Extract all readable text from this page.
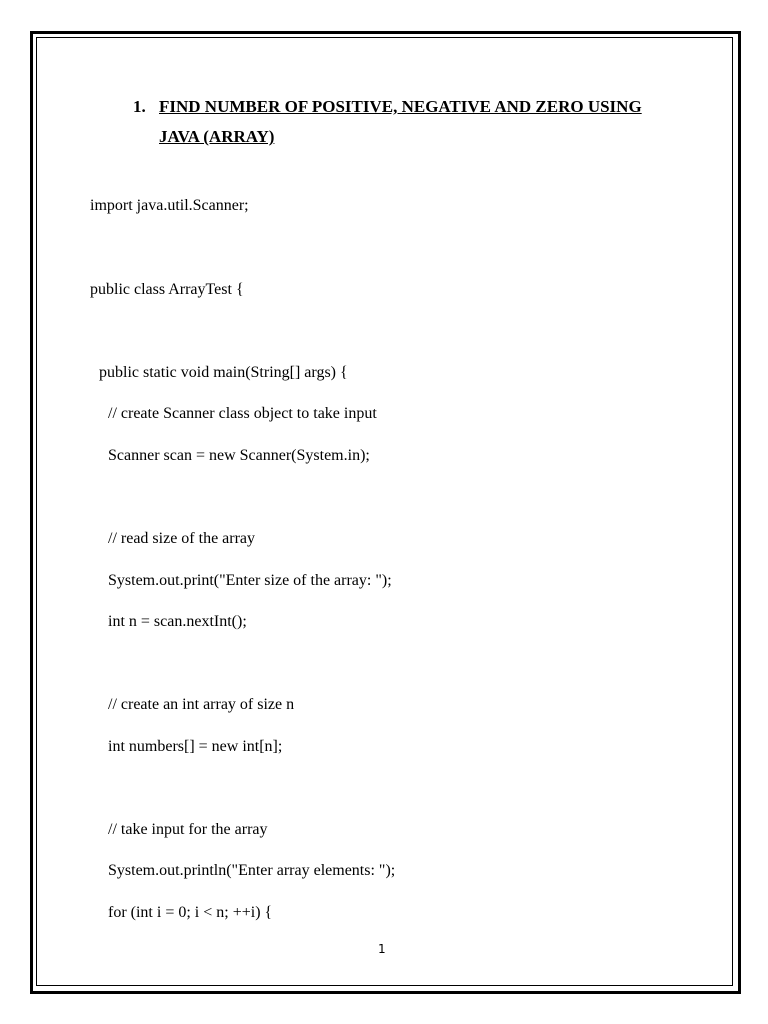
1. FIND NUMBER OF POSITIVE, NEGATIVE AND ZERO USING
JAVA (ARRAY)
import java.util.Scanner;
public class ArrayTest {
public static void main(String[] args) {
// create Scanner class object to take input
Scanner scan = new Scanner(System.in);
// read size of the array
System.out.print("Enter size of the array: ");
int n = scan.nextInt();
// create an int array of size n
int numbers[] = new int[n];
// take input for the array
System.out.println("Enter array elements: ");
for (int i = 0; i < n; ++i) {
1
